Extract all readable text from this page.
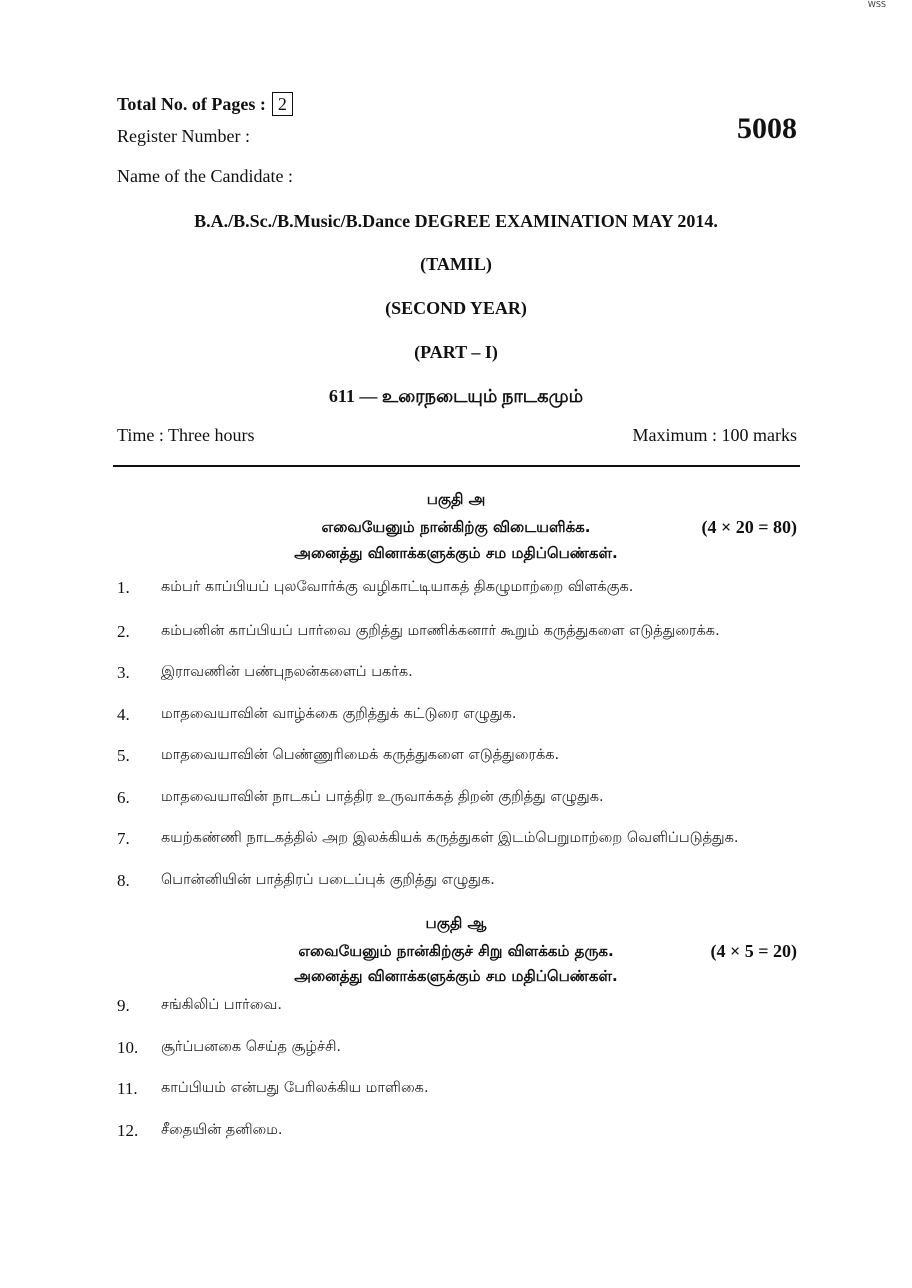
WSS
Total No. of Pages : 2
Register Number :
Name of the Candidate :
5008
B.A./B.Sc./B.Music/B.Dance DEGREE EXAMINATION MAY 2014.
(TAMIL)
(SECOND YEAR)
(PART – I)
611 — உரைநடையும் நாடகமும்
Time : Three hours	Maximum : 100 marks
பகுதி அ
எவையேனும் நான்கிற்கு விடையளிக்க.	(4 × 20 = 80)
அனைத்து வினாக்களுக்கும் சம மதிப்பெண்கள்.
1. கம்பர் காப்பியப் புலவோர்க்கு வழிகாட்டியாகத் திகழுமாற்றை விளக்குக.
2. கம்பனின் காப்பியப் பார்வை குறித்து மாணிக்கனார் கூறும் கருத்துகளை எடுத்துரைக்க.
3. இராவணின் பண்புநலன்களைப் பகர்க.
4. மாதவையாவின் வாழ்க்கை குறித்துக் கட்டுரை எழுதுக.
5. மாதவையாவின் பெண்ணுரிமைக் கருத்துகளை எடுத்துரைக்க.
6. மாதவையாவின் நாடகப் பாத்திர உருவாக்கத் திறன் குறித்து எழுதுக.
7. கயற்கண்ணி நாடகத்தில் அற இலக்கியக் கருத்துகள் இடம்பெறுமாற்றை வெளிப்படுத்துக.
8. பொன்னியின் பாத்திரப் படைப்புக் குறித்து எழுதுக.
பகுதி ஆ
எவையேனும் நான்கிற்குச் சிறு விளக்கம் தருக.	(4 × 5 = 20)
அனைத்து வினாக்களுக்கும் சம மதிப்பெண்கள்.
9. சங்கிலிப் பார்வை.
10. சூர்ப்பனகை செய்த சூழ்ச்சி.
11. காப்பியம் என்பது பேரிலக்கிய மாளிகை.
12. சீதையின் தனிமை.
